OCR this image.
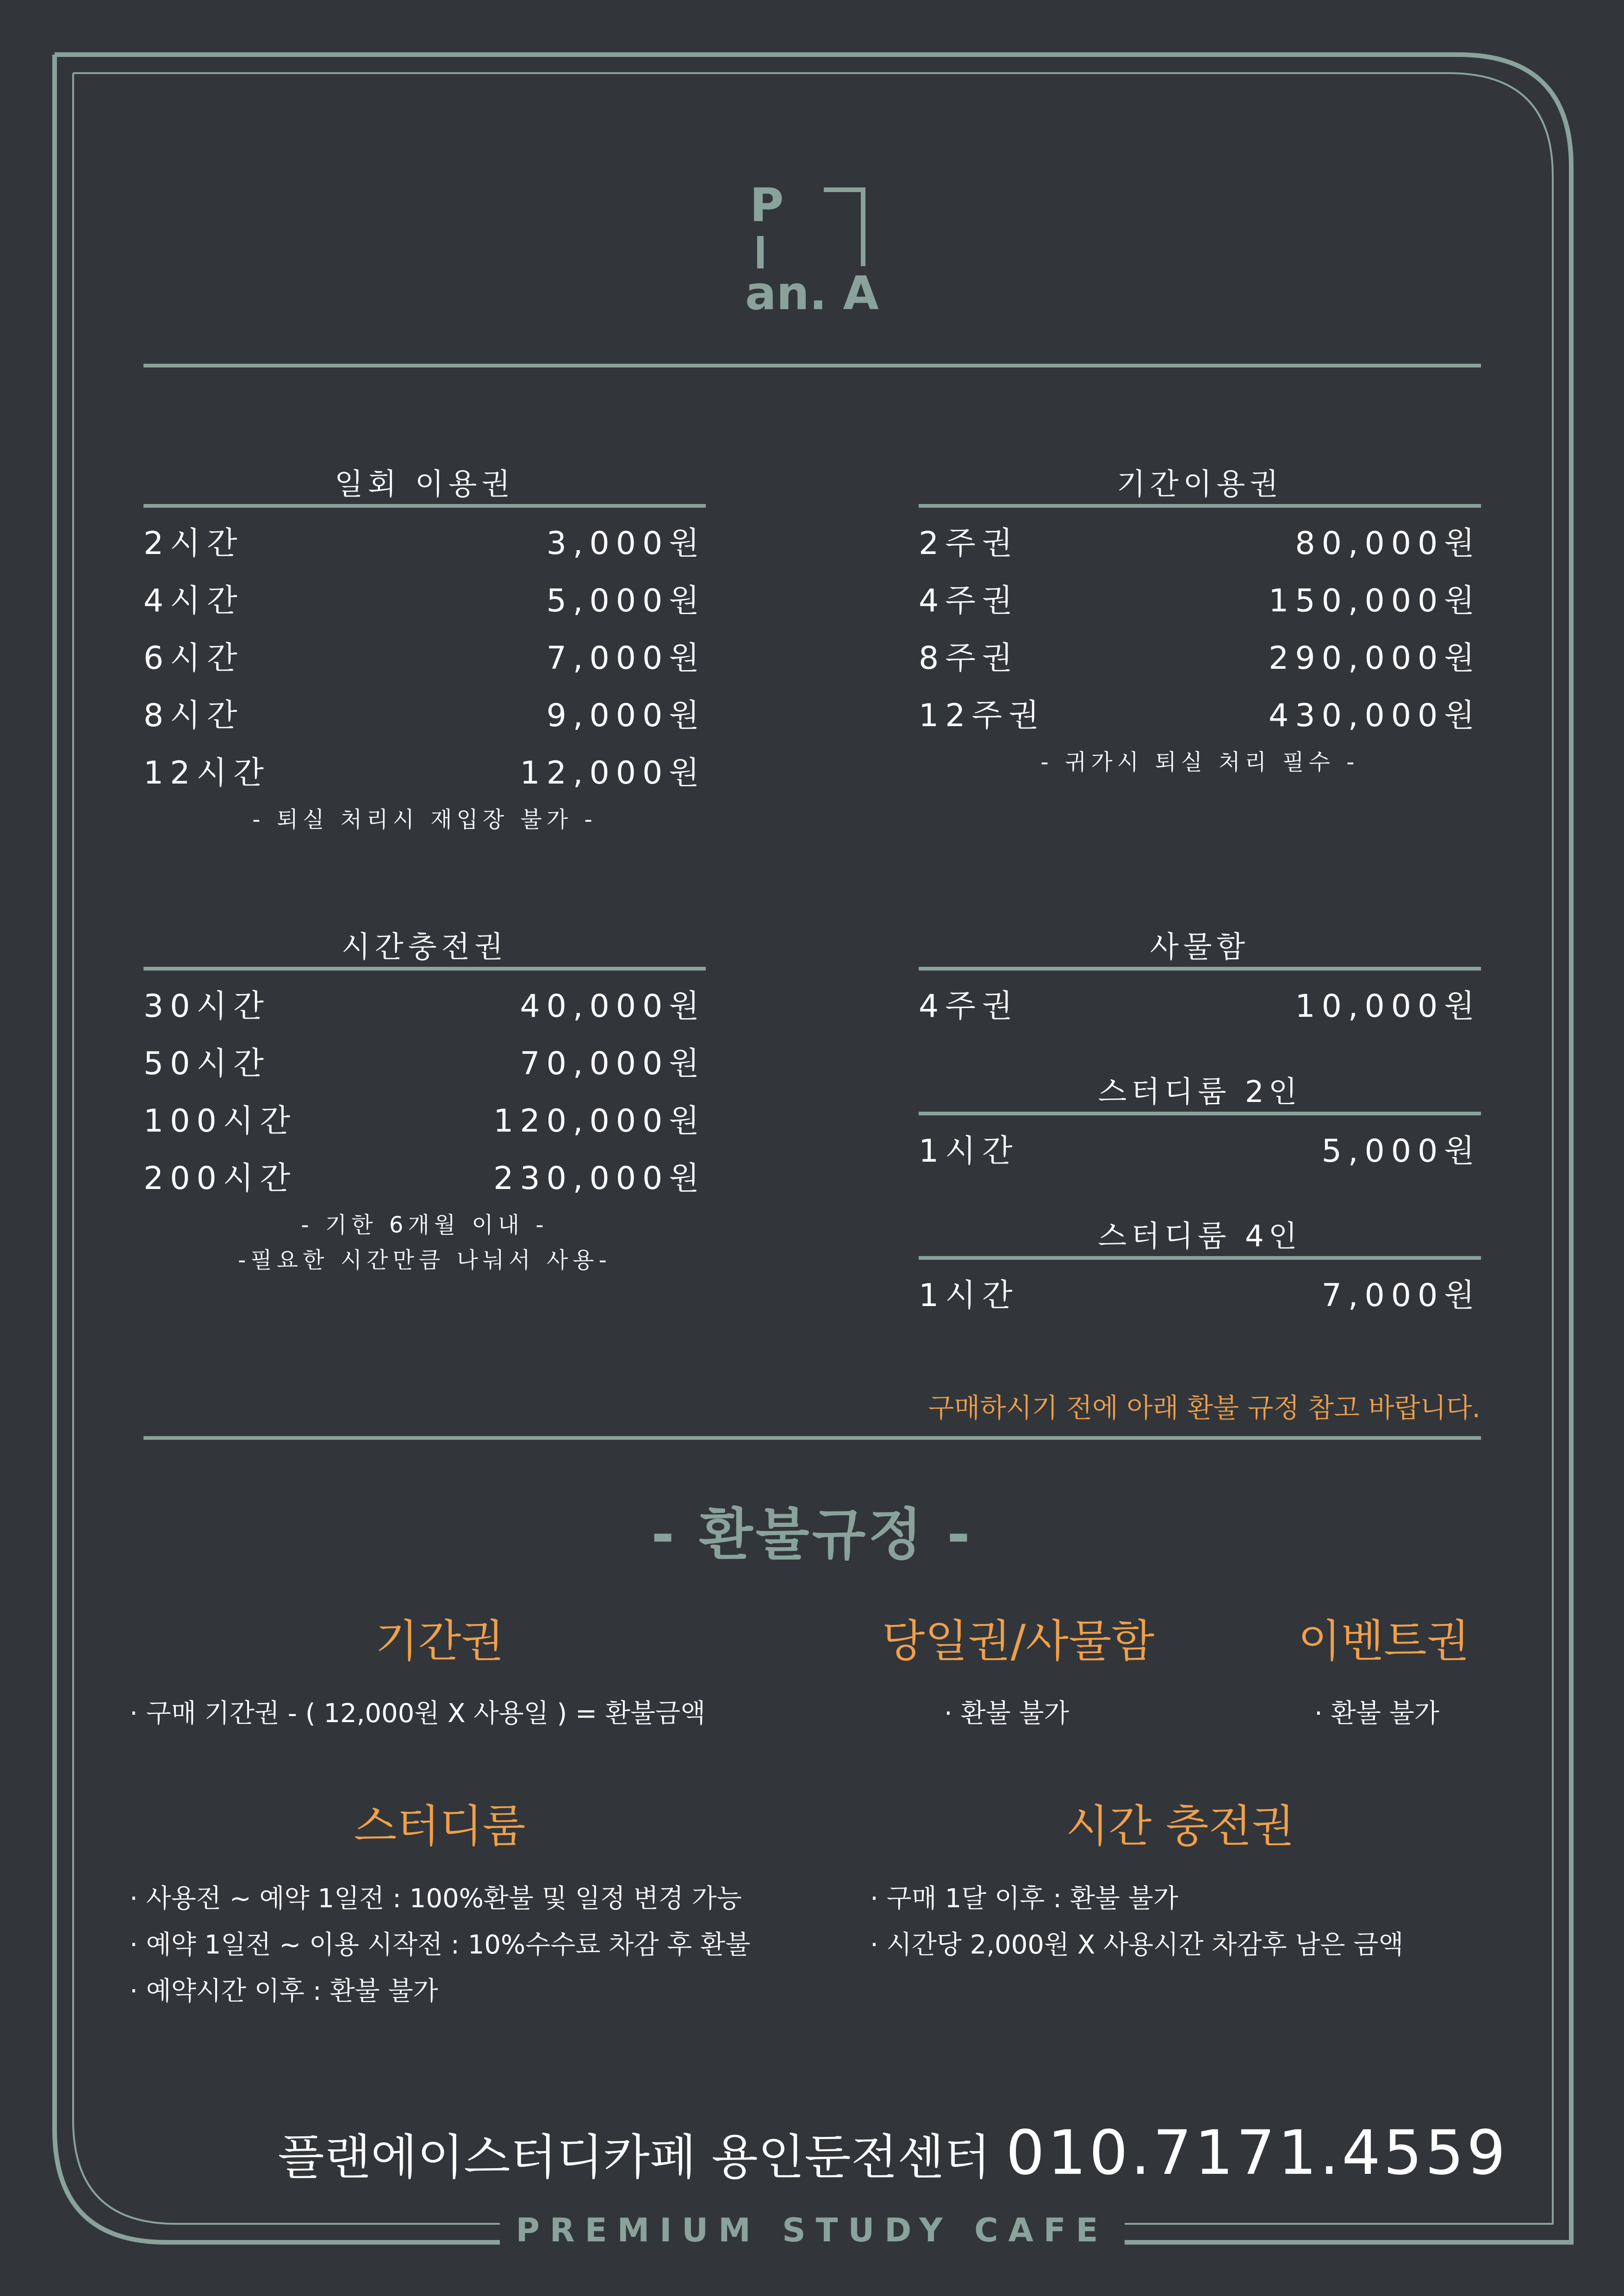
P
an. A
일회 이용권
2시간	3,000원
4시간	5,000원
6시간	7,000원
8시간	9,000원
12시간	12,000원
- 퇴실 처리시 재입장 불가 -
기간이용권
2주권	80,000원
4주권	150,000원
8주권	290,000원
12주권	430,000원
- 귀가시 퇴실 처리 필수 -
시간충전권
30시간	40,000원
50시간	70,000원
100시간	120,000원
200시간	230,000원
- 기한 6개월 이내 -
-필요한 시간만큼 나눠서 사용-
사물함
4주권	10,000원
스터디룸 2인
1시간	5,000원
스터디룸 4인
1시간	7,000원
구매하시기 전에 아래 환불 규정 참고 바랍니다.
- 환불규정 -
기간권
· 구매 기간권 - ( 12,000원 X 사용일 ) = 환불금액
당일권/사물함
· 환불 불가
이벤트권
· 환불 불가
스터디룸
· 사용전 ~ 예약 1일전 : 100%환불 및 일정 변경 가능
· 예약 1일전 ~ 이용 시작전 : 10%수수료 차감 후 환불
· 예약시간 이후 : 환불 불가
시간 충전권
· 구매 1달 이후 : 환불 불가
· 시간당 2,000원 X 사용시간 차감후 남은 금액
플랜에이스터디카페 용인둔전센터 010.7171.4559
PREMIUM STUDY CAFE
